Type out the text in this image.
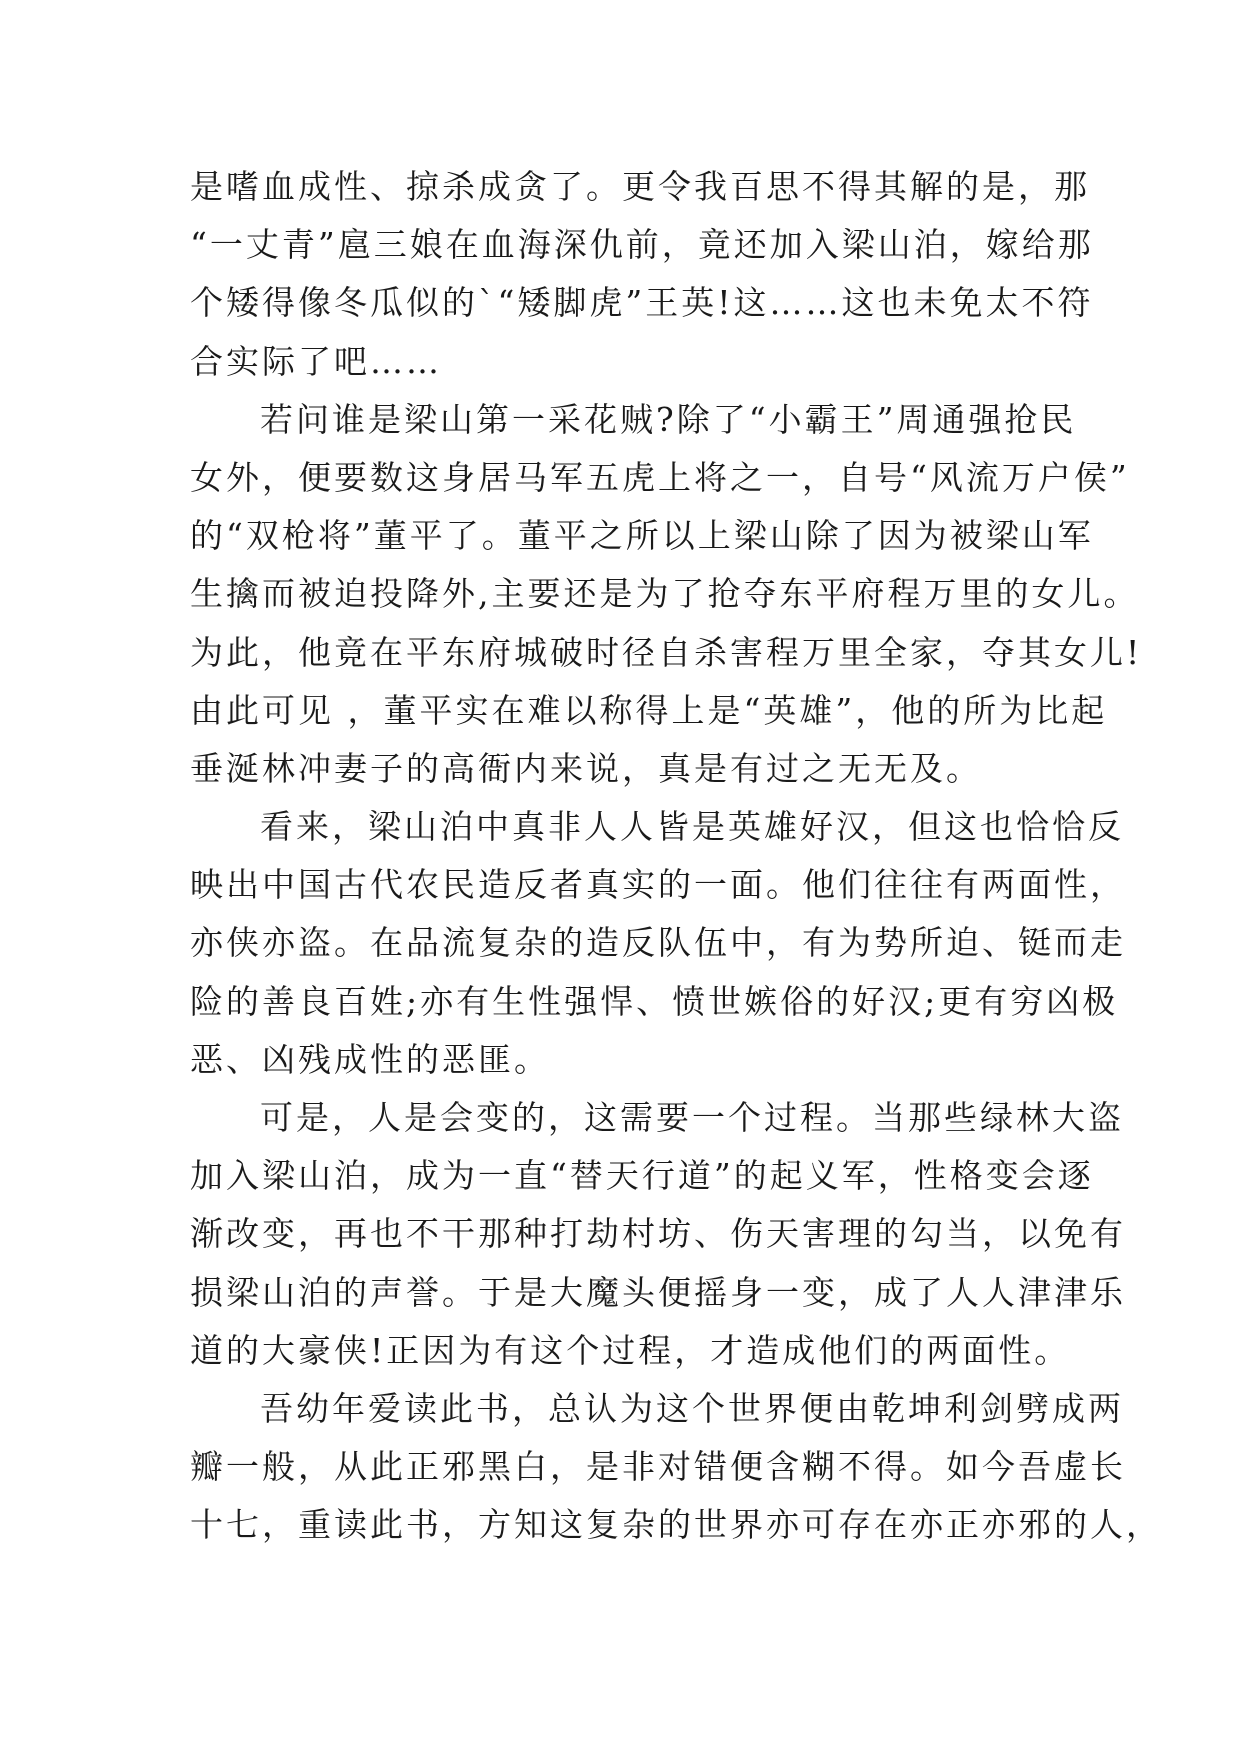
是嗜血成性、掠杀成贪了。更令我百思不得其解的是，那
“一丈青”扈三娘在血海深仇前，竟还加入梁山泊，嫁给那
个矮得像冬瓜似的`“矮脚虎”王英!这……这也未免太不符
合实际了吧……
若问谁是梁山第一采花贼?除了“小霸王”周通强抢民
女外，便要数这身居马军五虎上将之一，自号“风流万户侯”
的“双枪将”董平了。董平之所以上梁山除了因为被梁山军
生擒而被迫投降外,主要还是为了抢夺东平府程万里的女儿。
为此，他竟在平东府城破时径自杀害程万里全家，夺其女儿!
由此可见 ，董平实在难以称得上是“英雄”，他的所为比起
垂涎林冲妻子的高衙内来说，真是有过之无无及。
看来，梁山泊中真非人人皆是英雄好汉，但这也恰恰反
映出中国古代农民造反者真实的一面。他们往往有两面性，
亦侠亦盗。在品流复杂的造反队伍中，有为势所迫、铤而走
险的善良百姓;亦有生性强悍、愤世嫉俗的好汉;更有穷凶极
恶、凶残成性的恶匪。
可是，人是会变的，这需要一个过程。当那些绿林大盗
加入梁山泊，成为一直“替天行道”的起义军，性格变会逐
渐改变，再也不干那种打劫村坊、伤天害理的勾当，以免有
损梁山泊的声誉。于是大魔头便摇身一变，成了人人津津乐
道的大豪侠!正因为有这个过程，才造成他们的两面性。
吾幼年爱读此书，总认为这个世界便由乾坤利剑劈成两
瓣一般，从此正邪黑白，是非对错便含糊不得。如今吾虚长
十七，重读此书，方知这复杂的世界亦可存在亦正亦邪的人，
